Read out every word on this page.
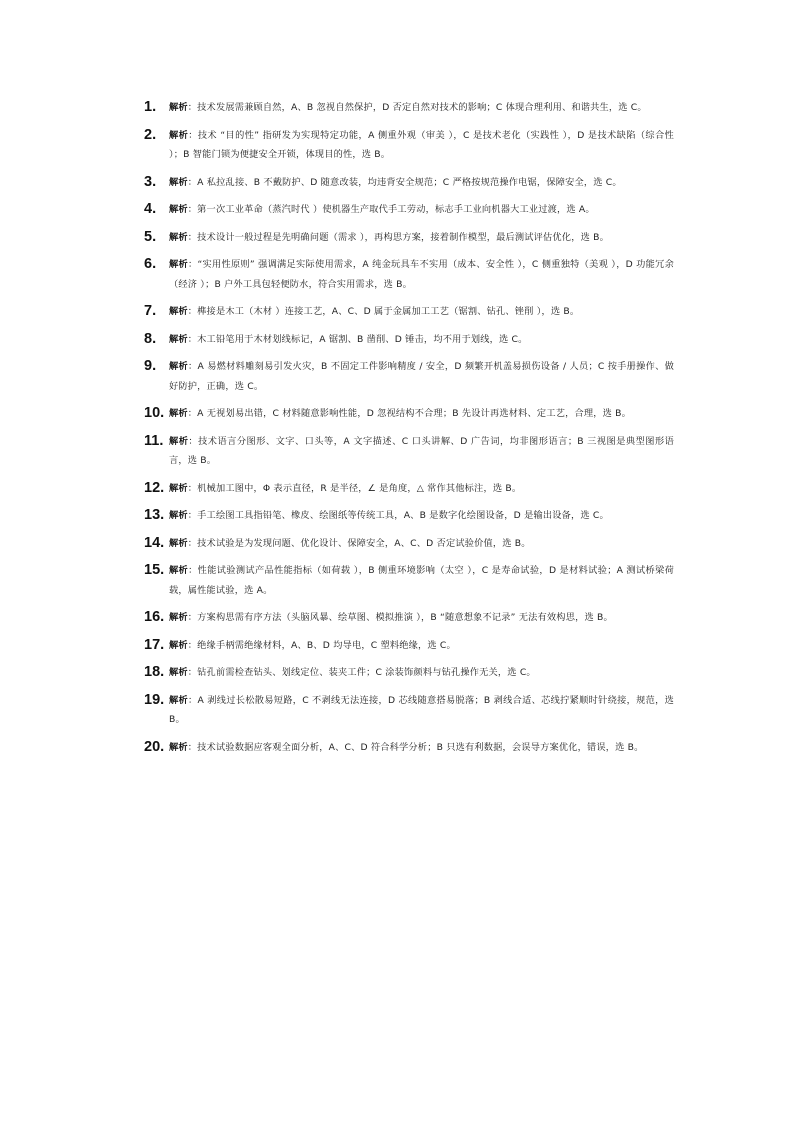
1.	解析：技术发展需兼顾自然，A、B 忽视自然保护，D 否定自然对技术的影响；C 体现合理利用、和谐共生，选 C。
2.	解析：技术 “目的性” 指研发为实现特定功能，A 侧重外观（审美 ），C 是技术老化（实践性 ），D 是技术缺陷（综合性 ）；B 智能门锁为便捷安全开锁，体现目的性，选 B。
3.	解析：A 私拉乱接、B 不戴防护、D 随意改装，均违背安全规范；C 严格按规范操作电锯，保障安全，选 C。
4.	解析：第一次工业革命（蒸汽时代 ）使机器生产取代手工劳动，标志手工业向机器大工业过渡，选 A。
5.	解析：技术设计一般过程是先明确问题（需求 ），再构思方案，接着制作模型，最后测试评估优化，选 B。
6.	解析：“实用性原则” 强调满足实际使用需求，A 纯金玩具车不实用（成本、安全性 ），C 侧重独特（美观 ），D 功能冗余（经济 ）；B 户外工具包轻便防水，符合实用需求，选 B。
7.	解析：榫接是木工（木材 ）连接工艺，A、C、D 属于金属加工工艺（锯割、钻孔、锉削 ），选 B。
8.	解析：木工铅笔用于木材划线标记，A 锯割、B 凿削、D 锤击，均不用于划线，选 C。
9.	解析：A 易燃材料雕刻易引发火灾，B 不固定工件影响精度 / 安全，D 频繁开机盖易损伤设备 / 人员；C 按手册操作、做好防护，正确，选 C。
10. 解析：A 无视划易出错，C 材料随意影响性能，D 忽视结构不合理；B 先设计再选材料、定工艺，合理，选 B。
11. 解析：技术语言分图形、文字、口头等，A 文字描述、C 口头讲解、D 广告词，均非图形语言；B 三视图是典型图形语言，选 B。
12. 解析：机械加工图中，Φ 表示直径，R 是半径，∠ 是角度，△ 常作其他标注，选 B。
13. 解析：手工绘图工具指铅笔、橡皮、绘图纸等传统工具，A、B 是数字化绘图设备，D 是输出设备，选 C。
14. 解析：技术试验是为发现问题、优化设计、保障安全，A、C、D 否定试验价值，选 B。
15. 解析：性能试验测试产品性能指标（如荷载 ），B 侧重环境影响（太空 ），C 是寿命试验，D 是材料试验；A 测试桥梁荷载，属性能试验，选 A。
16. 解析：方案构思需有序方法（头脑风暴、绘草图、模拟推演 ），B “随意想象不记录” 无法有效构思，选 B。
17. 解析：绝缘手柄需绝缘材料，A、B、D 均导电，C 塑料绝缘，选 C。
18. 解析：钻孔前需检查钻头、划线定位、装夹工件；C 涂装饰颜料与钻孔操作无关，选 C。
19. 解析：A 剥线过长松散易短路，C 不剥线无法连接，D 芯线随意搭易脱落；B 剥线合适、芯线拧紧顺时针绕接，规范，选 B。
20. 解析：技术试验数据应客观全面分析，A、C、D 符合科学分析；B 只选有利数据，会误导方案优化，错误，选 B。
